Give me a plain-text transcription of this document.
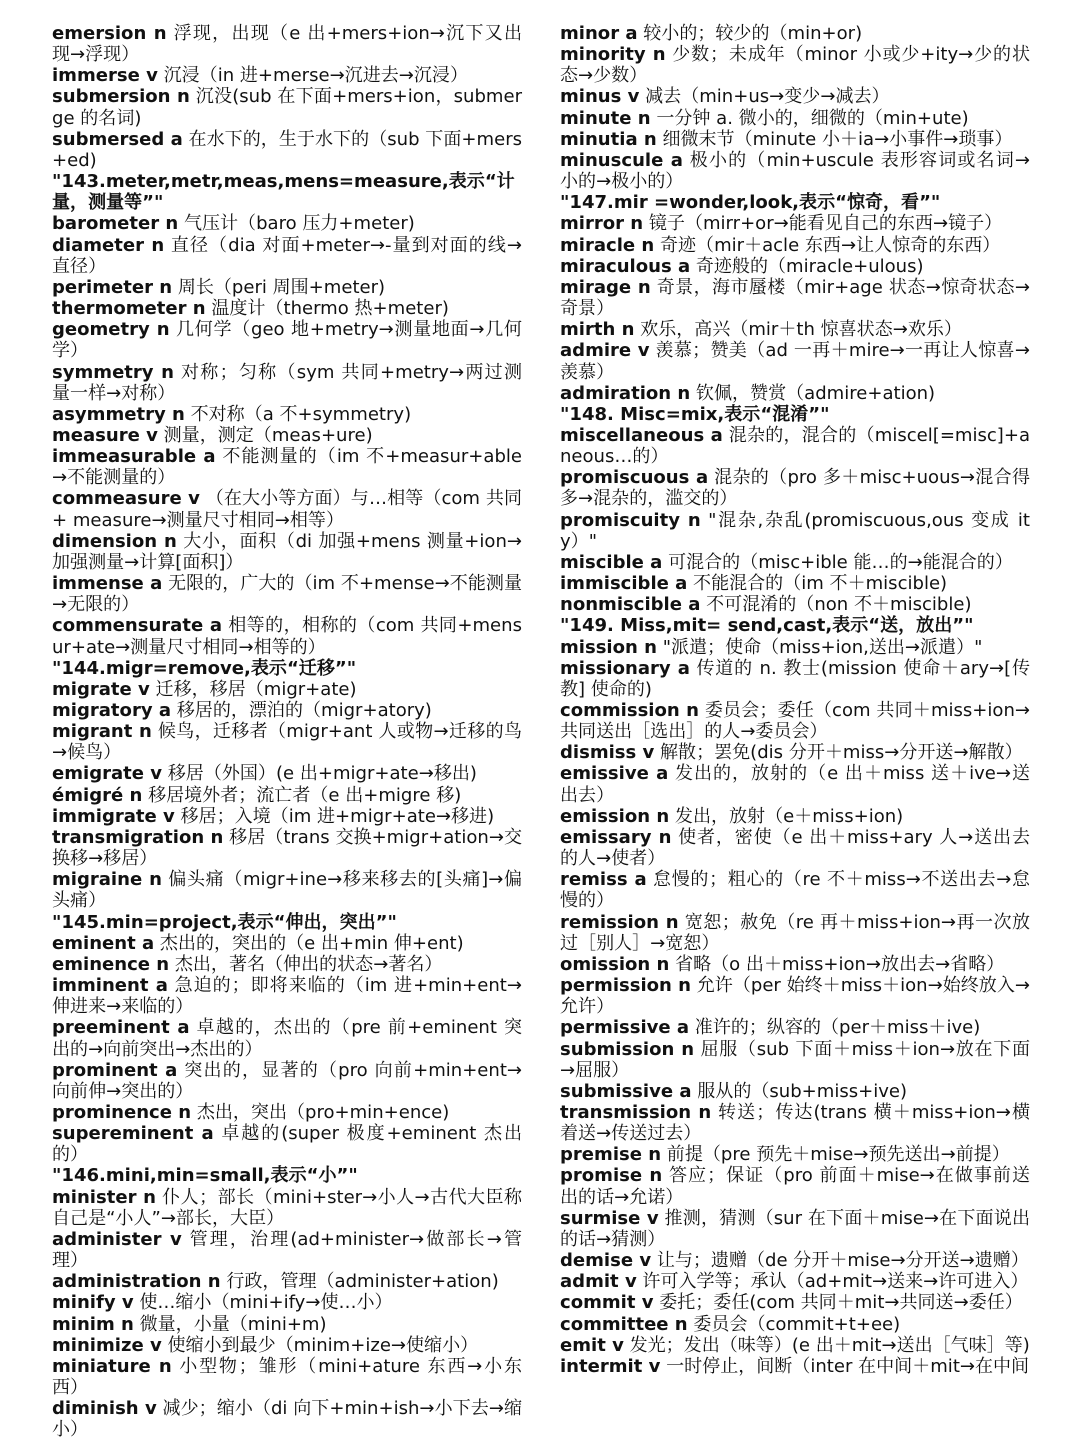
emersion n 浮现，出现（e 出+mers+ion→沉下又出现→浮现）

immerse v 沉浸（in 进+merse→沉进去→沉浸）

submersion n 沉没(sub 在下面+mers+ion，submerge 的名词)

submersed a 在水下的，生于水下的（sub 下面+mers+ed)

"143.meter,metr,meas,mens=measure,表示“计量，测量等”"

barometer n 气压计（baro 压力+meter)

diameter n 直径（dia 对面+meter→-量到对面的线→直径）

perimeter n 周长（peri 周围+meter)

thermometer n 温度计（thermo 热+meter)

geometry n 几何学（geo 地+metry→测量地面→几何学）

symmetry n 对称；匀称（sym 共同+metry→两过测量一样→对称）

asymmetry n 不对称（a 不+symmetry)

measure v 测量，测定（meas+ure)

immeasurable a 不能测量的（im 不+measur+able→不能测量的）

commeasure v （在大小等方面）与…相等（com 共同+ measure→测量尺寸相同→相等）

dimension n 大小，面积（di 加强+mens 测量+ion→加强测量→计算[面积]）

immense a 无限的，广大的（im 不+mense→不能测量→无限的）

commensurate a 相等的，相称的（com 共同+mensur+ate→测量尺寸相同→相等的）

"144.migr=remove,表示“迁移”"

migrate v 迁移，移居（migr+ate)

migratory a 移居的，漂泊的（migr+atory)

migrant n 候鸟，迁移者（migr+ant 人或物→迁移的鸟→候鸟）

emigrate v 移居（外国）(e 出+migr+ate→移出)

émigré n 移居境外者；流亡者（e 出+migre 移)

immigrate v 移居；入境（im 进+migr+ate→移进)

transmigration n 移居（trans 交换+migr+ation→交换移→移居）

migraine n 偏头痛（migr+ine→移来移去的[头痛]→偏头痛）

"145.min=project,表示“伸出，突出”"

eminent a 杰出的，突出的（e 出+min 伸+ent)

eminence n 杰出，著名（伸出的状态→著名）

imminent a 急迫的；即将来临的（im 进+min+ent→伸进来→来临的）

preeminent a 卓越的，杰出的（pre 前+eminent 突出的→向前突出→杰出的）

prominent a 突出的，显著的（pro 向前+min+ent→向前伸→突出的）

prominence n 杰出，突出（pro+min+ence)

supereminent a 卓越的(super 极度+eminent 杰出的）

"146.mini,min=small,表示“小”"

minister n 仆人；部长（mini+ster→小人→古代大臣称自己是“小人”→部长，大臣）

administer v 管理，治理(ad+minister→做部长→管理）

administration n 行政，管理（administer+ation)

minify v 使…缩小（mini+ify→使…小）

minim n 微量，小量（mini+m)

minimize v 使缩小到最少（minim+ize→使缩小）

miniature n 小型物；雏形（mini+ature 东西→小东西）

diminish v 减少；缩小（di 向下+min+ish→小下去→缩小）

minor a 较小的；较少的（min+or)

minority n 少数；未成年（minor 小或少+ity→少的状态→少数）

minus v 减去（min+us→变少→减去）

minute n 一分钟 a. 微小的，细微的（min+ute)

minutia n 细微末节（minute 小＋ia→小事件→琐事）

minuscule a 极小的（min+uscule 表形容词或名词→小的→极小的）

"147.mir =wonder,look,表示“惊奇，看”"

mirror n 镜子（mirr+or→能看见自己的东西→镜子）

miracle n 奇迹（mir＋acle 东西→让人惊奇的东西）

miraculous a 奇迹般的（miracle+ulous)

mirage n 奇景，海市蜃楼（mir+age 状态→惊奇状态→奇景）

mirth n 欢乐，高兴（mir＋th 惊喜状态→欢乐）

admire v 羡慕；赞美（ad 一再＋mire→一再让人惊喜→羡慕）

admiration n 钦佩，赞赏（admire+ation)

"148. Misc=mix,表示“混淆”"

miscellaneous a 混杂的，混合的（miscel[=misc]+aneous…的）

promiscuous a 混杂的（pro 多＋misc+uous→混合得多→混杂的，滥交的）

promiscuity n "混杂,杂乱(promiscuous,ous 变成 ity）"

miscible a 可混合的（misc+ible 能…的→能混合的）

immiscible a 不能混合的（im 不＋miscible)

nonmiscible a 不可混淆的（non 不＋miscible)

"149. Miss,mit= send,cast,表示“送，放出”"

mission n "派遣；使命（miss+ion,送出→派遣）"

missionary a 传道的 n. 教士(mission 使命＋ary→[传教] 使命的)

commission n 委员会；委任（com 共同＋miss+ion→共同送出［选出］的人→委员会）

dismiss v 解散；罢免(dis 分开＋miss→分开送→解散）

emissive a 发出的，放射的（e 出＋miss 送＋ive→送出去）

emission n 发出，放射（e＋miss+ion)

emissary n 使者，密使（e 出＋miss+ary 人→送出去的人→使者）

remiss a 怠慢的；粗心的（re 不＋miss→不送出去→怠慢的）

remission n 宽恕；赦免（re 再＋miss+ion→再一次放过［别人］→宽恕）

omission n 省略（o 出＋miss+ion→放出去→省略）

permission n 允许（per 始终＋miss＋ion→始终放入→允许）

permissive a 准许的；纵容的（per＋miss＋ive)

submission n 屈服（sub 下面＋miss＋ion→放在下面→屈服）

submissive a 服从的（sub+miss+ive)

transmission n 转送；传达(trans 横＋miss+ion→横着送→传送过去）

premise n 前提（pre 预先＋mise→预先送出→前提）

promise n 答应；保证（pro 前面＋mise→在做事前送出的话→允诺）

surmise v 推测，猜测（sur 在下面＋mise→在下面说出的话→猜测）

demise v 让与；遗赠（de 分开＋mise→分开送→遗赠）

admit v 许可入学等；承认（ad+mit→送来→许可进入）

commit v 委托；委任(com 共同＋mit→共同送→委任）

committee n 委员会（commit+t+ee)

emit v 发光；发出（味等）(e 出＋mit→送出［气味］等)

intermit v 一时停止，间断（inter 在中间＋mit→在中间
